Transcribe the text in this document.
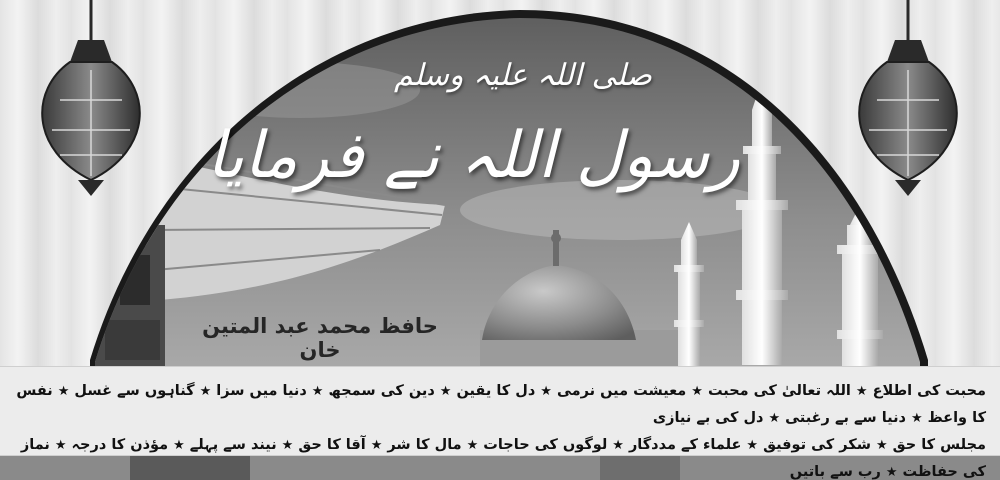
صلی اللہ علیہ وسلم
رسول اللہ نے فرمایا
حافظ محمد عبد المتین خان
محبت کی اطلاع★اللہ تعالیٰ کی محبت★معیشت میں نرمی★دل کا یقین★دین کی سمجھ★دنیا میں سزا★گناہوں سے غسل★نفس کا واعظ★دنیا سے بے رغبتی★دل کی بے نیازی
مجلس کا حق★شکر کی توفیق★علماء کے مددگار★لوگوں کی حاجات★مال کا شر★آقا کا حق★نیند سے پہلے★مؤذن کا درجہ★نماز کی حفاظت★رب سے باتیں
